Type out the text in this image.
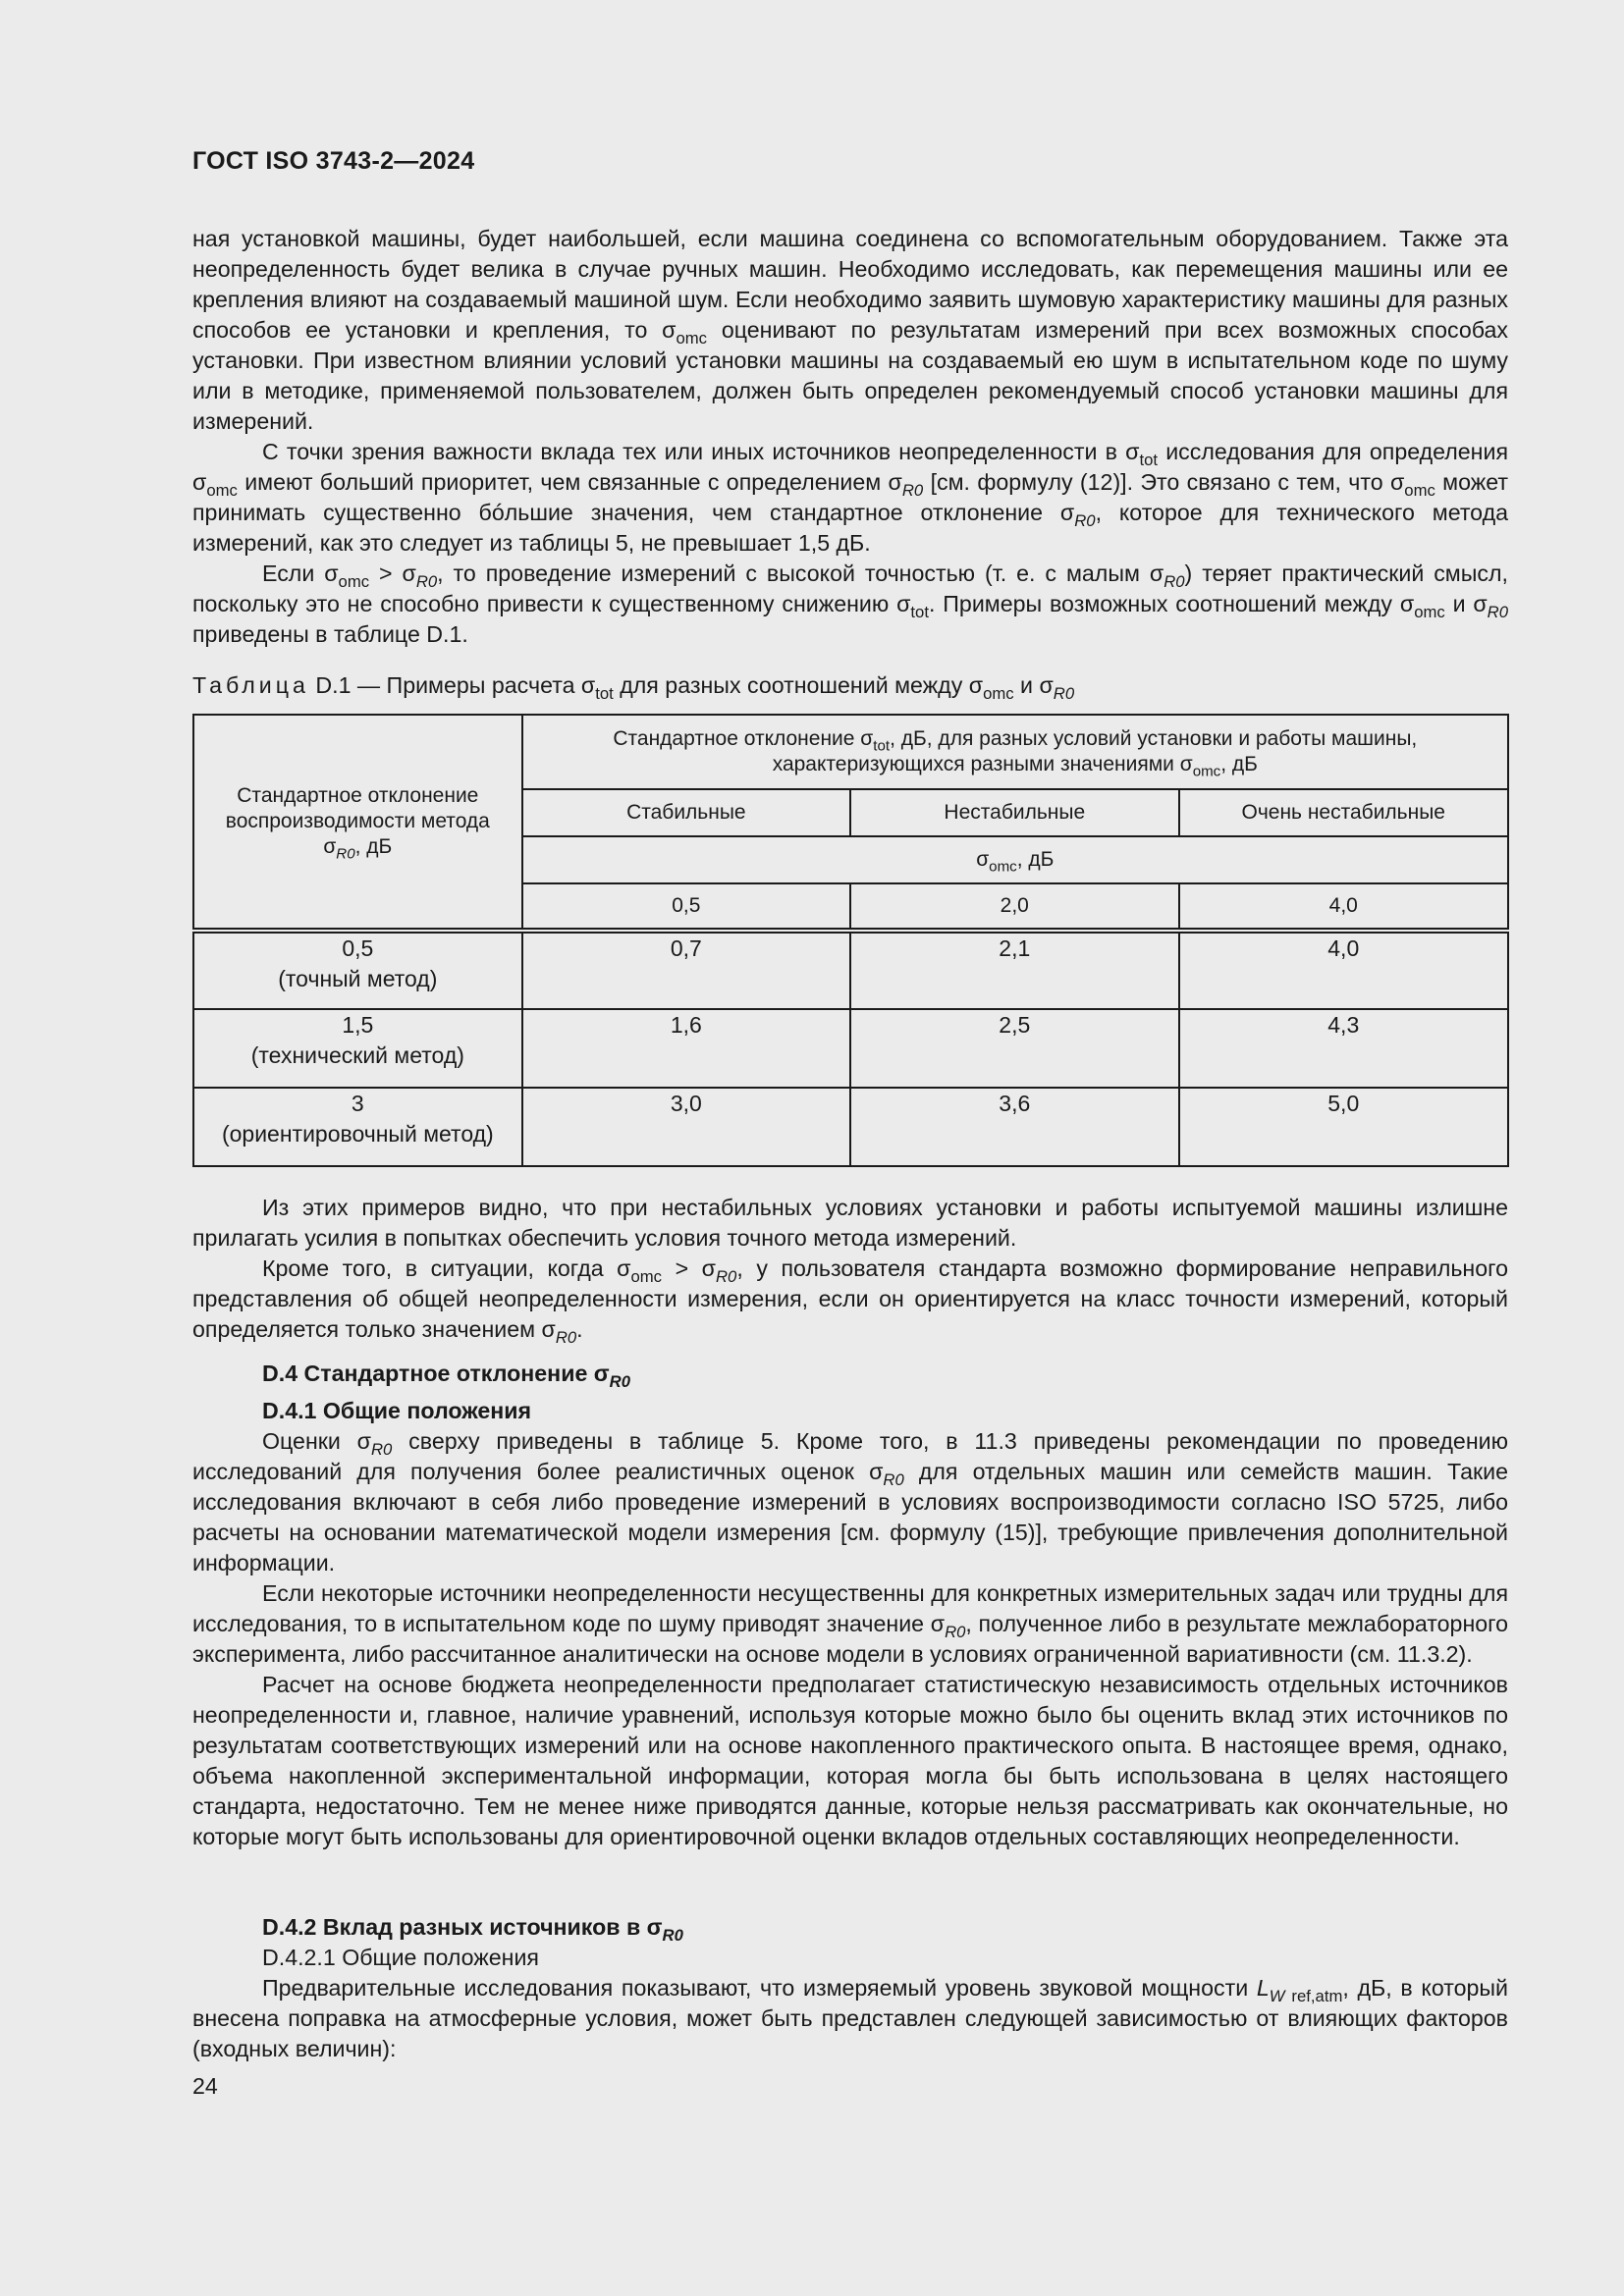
ГОСТ ISO 3743-2—2024

ная установкой машины, будет наибольшей, если машина соединена со вспомогательным оборудованием. Также эта неопределенность будет велика в случае ручных машин. Необходимо исследовать, как перемещения машины или ее крепления влияют на создаваемый машиной шум. Если необходимо заявить шумовую характеристику машины для разных способов ее установки и крепления, то $\sigma_{omc}$ оценивают по результатам измерений при всех возможных способах установки. При известном влиянии условий установки машины на создаваемый ею шум в испытательном коде по шуму или в методике, применяемой пользователем, должен быть определен рекомендуемый способ установки машины для измерений.

С точки зрения важности вклада тех или иных источников неопределенности в $\sigma_{tot}$ исследования для определения $\sigma_{omc}$ имеют больший приоритет, чем связанные с определением $\sigma_{R0}$ [см. формулу (12)]. Это связано с тем, что $\sigma_{omc}$ может принимать существенно бóльшие значения, чем стандартное отклонение $\sigma_{R0}$, которое для технического метода измерений, как это следует из таблицы 5, не превышает 1,5 дБ.

Если $\sigma_{omc} > \sigma_{R0}$, то проведение измерений с высокой точностью (т. е. с малым $\sigma_{R0}$) теряет практический смысл, поскольку это не способно привести к существенному снижению $\sigma_{tot}$. Примеры возможных соотношений между $\sigma_{omc}$ и $\sigma_{R0}$ приведены в таблице D.1.

Таблица D.1 — Примеры расчета $\sigma_{tot}$ для разных соотношений между $\sigma_{omc}$ и $\sigma_{R0}$
Стандартное отклонение воспроизводимости метода
$\sigma_{R0}$, дБ	Стандартное отклонение $\sigma_{tot}$, дБ, для разных условий установки и работы машины, характеризующихся разными значениями $\sigma_{omc}$, дБ		
	Стабильные	Нестабильные	Очень нестабильные
	$\sigma_{omc}$, дБ		
	0,5	2,0	4,0
0,5
(точный метод)	0,7	2,1	4,0
1,5
(технический метод)	1,6	2,5	4,3
3
(ориентировочный метод)	3,0	3,6	5,0

Из этих примеров видно, что при нестабильных условиях установки и работы испытуемой машины излишне прилагать усилия в попытках обеспечить условия точного метода измерений.

Кроме того, в ситуации, когда $\sigma_{omc} > \sigma_{R0}$, у пользователя стандарта возможно формирование неправильного представления об общей неопределенности измерения, если он ориентируется на класс точности измерений, который определяется только значением $\sigma_{R0}$.

D.4 Стандартное отклонение $\sigma_{R0}$
D.4.1 Общие положения

Оценки $\sigma_{R0}$ сверху приведены в таблице 5. Кроме того, в 11.3 приведены рекомендации по проведению исследований для получения более реалистичных оценок $\sigma_{R0}$ для отдельных машин или семейств машин. Такие исследования включают в себя либо проведение измерений в условиях воспроизводимости согласно ISO 5725, либо расчеты на основании математической модели измерения [см. формулу (15)], требующие привлечения дополнительной информации.

Если некоторые источники неопределенности несущественны для конкретных измерительных задач или трудны для исследования, то в испытательном коде по шуму приводят значение $\sigma_{R0}$, полученное либо в результате межлабораторного эксперимента, либо рассчитанное аналитически на основе модели в условиях ограниченной вариативности (см. 11.3.2).

Расчет на основе бюджета неопределенности предполагает статистическую независимость отдельных источников неопределенности и, главное, наличие уравнений, используя которые можно было бы оценить вклад этих источников по результатам соответствующих измерений или на основе накопленного практического опыта. В настоящее время, однако, объема накопленной экспериментальной информации, которая могла бы быть использована в целях настоящего стандарта, недостаточно. Тем не менее ниже приводятся данные, которые нельзя рассматривать как окончательные, но которые могут быть использованы для ориентировочной оценки вкладов отдельных составляющих неопределенности.

D.4.2 Вклад разных источников в $\sigma_{R0}$
D.4.2.1 Общие положения

Предварительные исследования показывают, что измеряемый уровень звуковой мощности $L_{W ref,atm}$, дБ, в который внесена поправка на атмосферные условия, может быть представлен следующей зависимостью от влияющих факторов (входных величин):

24
